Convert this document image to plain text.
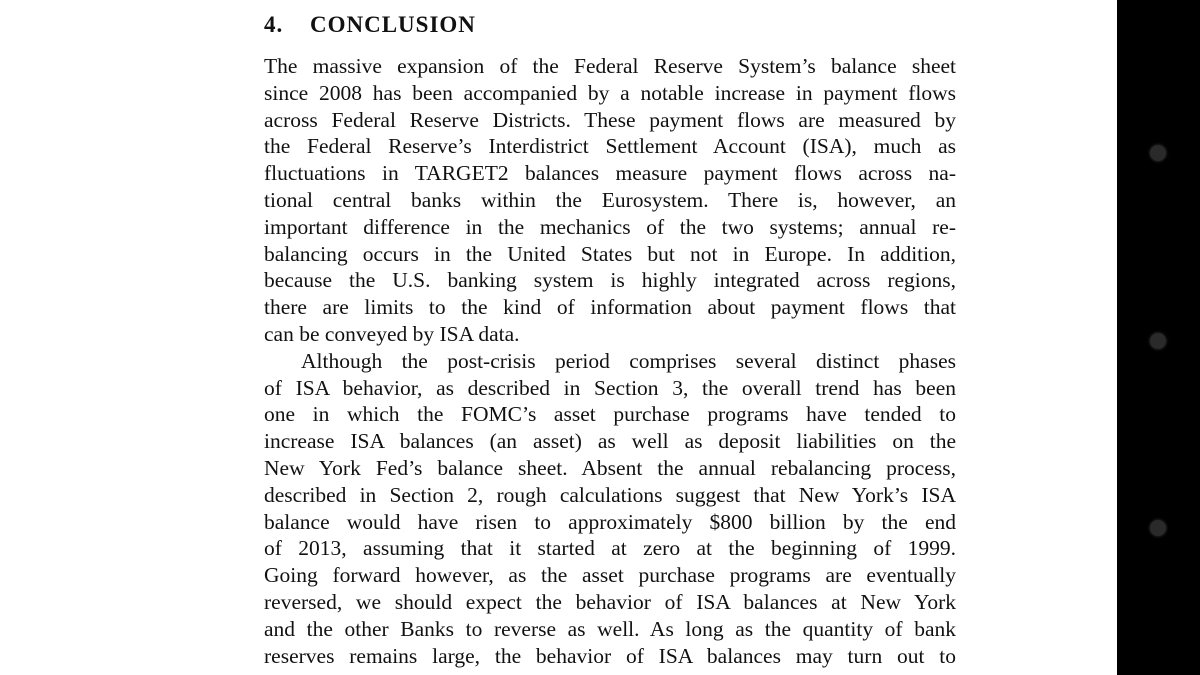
4. CONCLUSION
The massive expansion of the Federal Reserve System’s balance sheet
since 2008 has been accompanied by a notable increase in payment flows
across Federal Reserve Districts. These payment flows are measured by
the Federal Reserve’s Interdistrict Settlement Account (ISA), much as
fluctuations in TARGET2 balances measure payment flows across na-
tional central banks within the Eurosystem. There is, however, an
important difference in the mechanics of the two systems; annual re-
balancing occurs in the United States but not in Europe. In addition,
because the U.S. banking system is highly integrated across regions,
there are limits to the kind of information about payment flows that
can be conveyed by ISA data.
Although the post-crisis period comprises several distinct phases
of ISA behavior, as described in Section 3, the overall trend has been
one in which the FOMC’s asset purchase programs have tended to
increase ISA balances (an asset) as well as deposit liabilities on the
New York Fed’s balance sheet. Absent the annual rebalancing process,
described in Section 2, rough calculations suggest that New York’s ISA
balance would have risen to approximately $800 billion by the end
of 2013, assuming that it started at zero at the beginning of 1999.
Going forward however, as the asset purchase programs are eventually
reversed, we should expect the behavior of ISA balances at New York
and the other Banks to reverse as well. As long as the quantity of bank
reserves remains large, the behavior of ISA balances may turn out to
